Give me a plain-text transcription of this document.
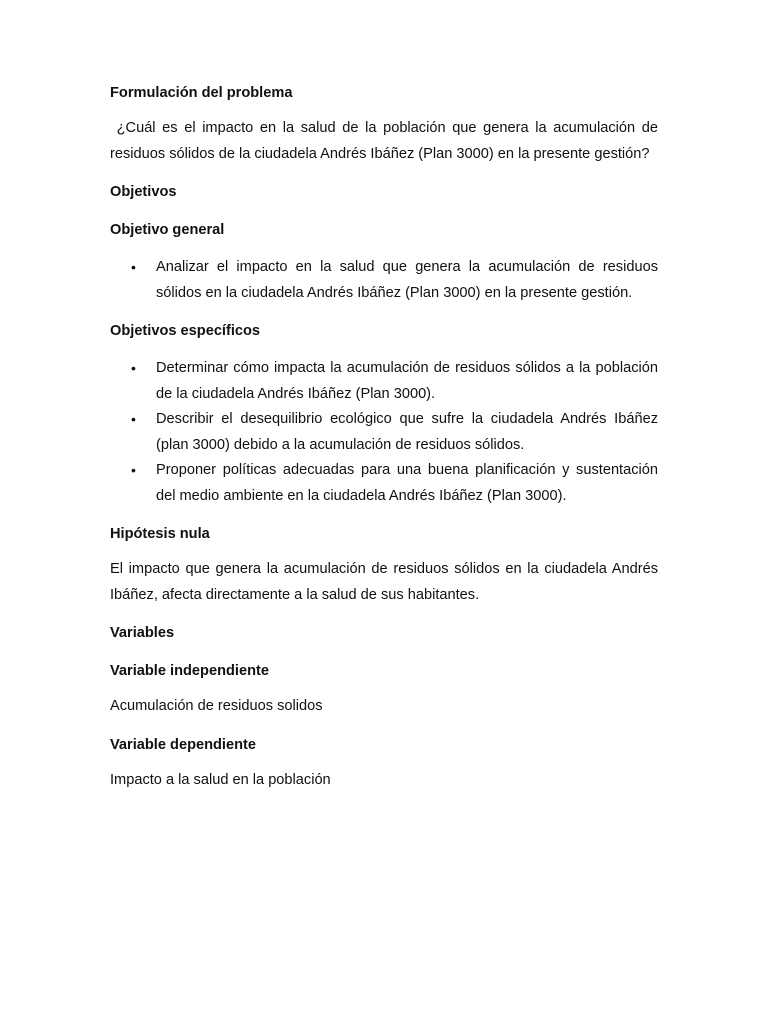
Formulación del problema

¿Cuál es el impacto en la salud de la población que genera la acumulación de residuos sólidos de la ciudadela Andrés Ibáñez (Plan 3000) en la presente gestión?

Objetivos

Objetivo general

• Analizar el impacto en la salud que genera la acumulación de residuos sólidos en la ciudadela Andrés Ibáñez (Plan 3000) en la presente gestión.

Objetivos específicos

• Determinar cómo impacta la acumulación de residuos sólidos a la población de la ciudadela Andrés Ibáñez (Plan 3000).
• Describir el desequilibrio ecológico que sufre la ciudadela Andrés Ibáñez (plan 3000) debido a la acumulación de residuos sólidos.
• Proponer políticas adecuadas para una buena planificación y sustentación del medio ambiente en la ciudadela Andrés Ibáñez (Plan 3000).

Hipótesis nula

El impacto que genera la acumulación de residuos sólidos en la ciudadela Andrés Ibáñez, afecta directamente a la salud de sus habitantes.

Variables

Variable independiente

Acumulación de residuos solidos

Variable dependiente

Impacto a la salud en la población
